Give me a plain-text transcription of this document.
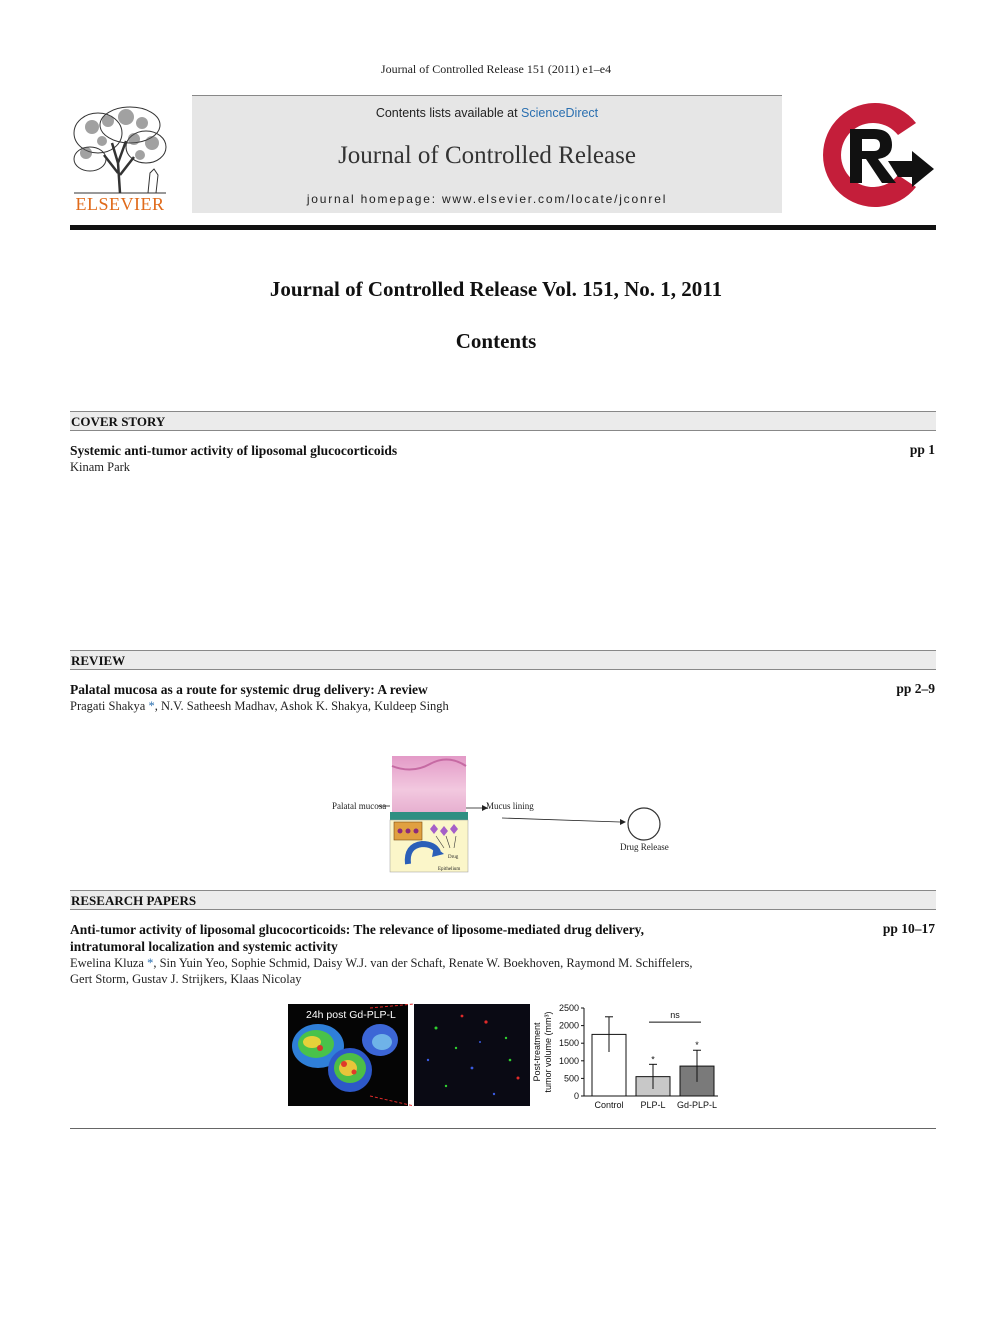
Journal of Controlled Release 151 (2011) e1–e4
ELSEVIER
Contents lists available at ScienceDirect
Journal of Controlled Release
journal homepage: www.elsevier.com/locate/jconrel
Journal of Controlled Release Vol. 151, No. 1, 2011
Contents
COVER STORY
Systemic anti-tumor activity of liposomal glucocorticoids	pp 1
Kinam Park
REVIEW
Palatal mucosa as a route for systemic drug delivery: A review	pp 2–9
Pragati Shakya *, N.V. Satheesh Madhav, Ashok K. Shakya, Kuldeep Singh
Palatal mucosa	Mucus lining
Drug Release
Drug
Epithelium
RESEARCH PAPERS
Anti-tumor activity of liposomal glucocorticoids: The relevance of liposome-mediated drug delivery,
intratumoral localization and systemic activity
pp 10–17
Ewelina Kluza *, Sin Yuin Yeo, Sophie Schmid, Daisy W.J. van der Schaft, Renate W. Boekhoven, Raymond M. Schiffelers,
Gert Storm, Gustav J. Strijkers, Klaas Nicolay
24h post Gd-PLP-L
0
500
1000
1500
2000
2500
Post-treatment tumor volume (mm³)
Control PLP-L
*
Gd-PLP-L
*
ns
